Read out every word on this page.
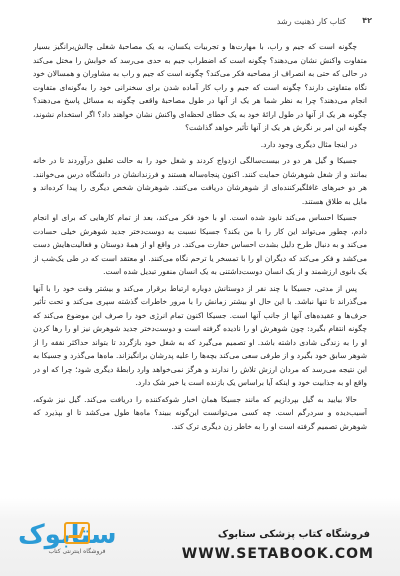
۴۲
کتاب کار ذهنیت رشد

چگونه است که جیم و راب، با مهارت‌ها و تجربیات یکسان، به یک مصاحبهٔ شغلی چالش‌برانگیز بسیار متفاوت واکنش نشان می‌دهند؟ چگونه است که اضطراب جیم به حدی می‌رسد که خوابش را مختل می‌کند در حالی که حتی به انصراف از مصاحبه فکر می‌کند؟ چگونه است که جیم و راب به مشاوران و همسالان خود نگاه متفاوتی دارند؟ چگونه است که جیم و راب کار آماده شدن برای سخنرانی خود را به‌گونه‌ای متفاوت انجام می‌دهند؟ چرا به نظر شما هر یک از آنها در طول مصاحبهٔ واقعی چگونه به مسائل پاسخ می‌دهند؟ چگونه هر یک از آنها در طول ارائهٔ خود به یک خطای لحظه‌ای واکنش نشان خواهند داد؟ اگر استخدام نشوند، چگونه این امر بر نگرش هر یک از آنها تأثیر خواهد گذاشت؟

در اینجا مثال دیگری وجود دارد.

جسیکا و گیل هر دو در بیست‌سالگی ازدواج کردند و شغل خود را به حالت تعلیق درآوردند تا در خانه بمانند و از شغل شوهرشان حمایت کنند. اکنون پنجاه‌ساله هستند و فرزندانشان در دانشگاه درس می‌خوانند. هر دو خبرهای غافلگیرکننده‌ای از شوهرشان دریافت می‌کنند. شوهرشان شخص دیگری را پیدا کرده‌اند و مایل به طلاق هستند.

جسیکا احساس می‌کند نابود شده است. او با خود فکر می‌کند، بعد از تمام کارهایی که برای او انجام دادم، چطور می‌تواند این کار را با من بکند؟ جسیکا نسبت به دوست‌دختر جدید شوهرش خیلی حسادت می‌کند و به دنبال طرح دلیل بشدت احساس حقارت می‌کند. در واقع او از همهٔ دوستان و فعالیت‌هایش دست می‌کشد و فکر می‌کند که دیگران او را با تمسخر یا ترحم نگاه می‌کنند. او معتقد است که در طی یک‌شب از یک بانوی ارزشمند و از یک انسان دوست‌داشتنی به یک انسان منفور تبدیل شده است.

پس از مدتی، جسیکا با چند نفر از دوستانش دوباره ارتباط برقرار می‌کند و بیشتر وقت خود را با آنها می‌گذراند تا تنها نباشد. با این حال او بیشتر زمانش را با مرور خاطرات گذشته سپری می‌کند و تحت تأثیر حرف‌ها و عقیده‌های آنها از جانب آنها است. جسیکا اکنون تمام انرژی خود را صرف این موضوع می‌کند که چگونه انتقام بگیرد: چون شوهرش او را نادیده گرفته است و دوست‌دختر جدید شوهرش نیز او را رها کردن او را به زندگی شادی داشته باشد. او تصمیم می‌گیرد که به شغل خود بازگردد تا بتواند حداکثر نفقه را از شوهر سابق خود بگیرد و از طرفی سعی می‌کند بچه‌ها را علیه پدرشان برانگیزاند. ماه‌ها می‌گذرد و جسیکا به این نتیجه می‌رسد که مردان ارزش تلاش را ندارند و هرگز نمی‌خواهد وارد رابطهٔ دیگری شود؛ چرا که او در واقع او به جذابیت خود و اینکه آیا براساس یک بازنده است یا خیر شک دارد.

حالا بیایید به گیل بپردازیم که مانند جسیکا همان اخبار شوکه‌کننده را دریافت می‌کند. گیل نیز شوکه، آسیب‌دیده و سردرگم است. چه کسی می‌توانست این‌گونه ببیند؟ ماه‌ها طول می‌کشد تا او بپذیرد که شوهرش تصمیم گرفته است او را به خاطر زن دیگری ترک کند.

ستابوک
فروشگاه اینترنتی کتاب
فروشگاه کتاب پزشکی ستابوک
WWW.SETABOOK.COM
